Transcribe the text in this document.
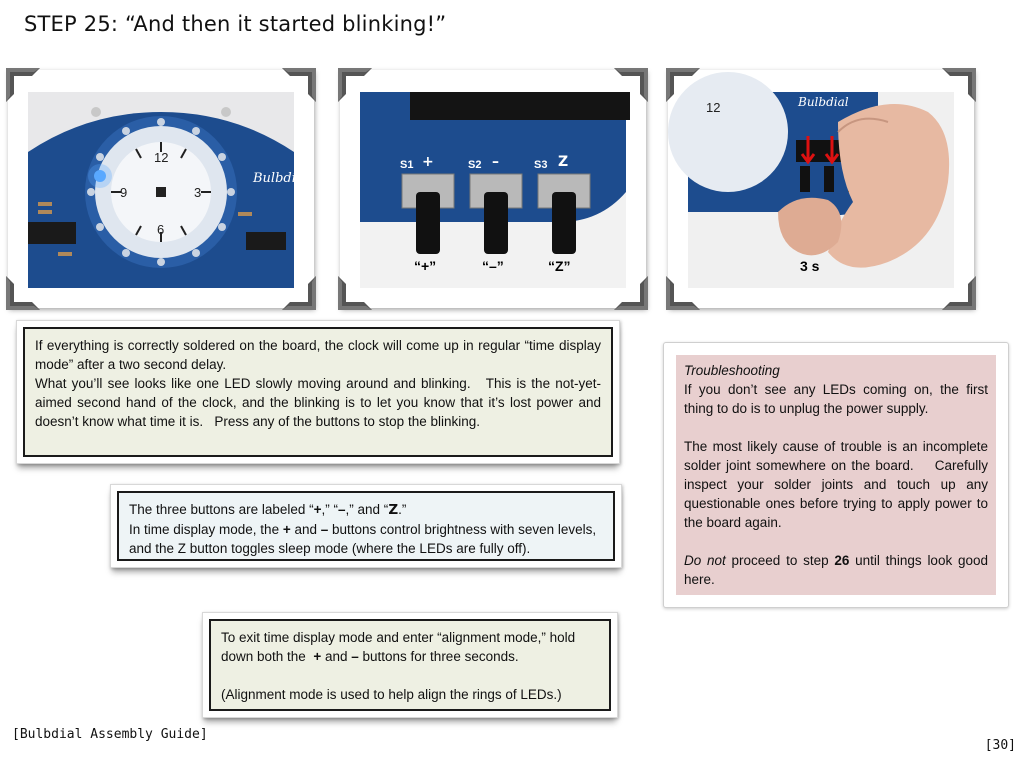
STEP 25: “And then it started blinking!”
12
3
6
9
Bulbdial
S1	S2	S3
+	–	Z
“+”	“–”	“Z”
12	Bulbdial
3 s

If everything is correctly soldered on the board, the clock will come up in regular “time display mode” after a two second delay.

What you’ll see looks like one LED slowly moving around and blinking.   This is the not-yet-aimed second hand of the clock, and the blinking is to let you know that it’s lost power and doesn’t know what time it is.   Press any of the buttons to stop the blinking.

The three buttons are labeled “+,” “–,” and “Z.”

In time display mode, the + and – buttons control brightness with seven levels, and the Z button toggles sleep mode (where the LEDs are fully off).

To exit time display mode and enter “alignment mode,” hold down both the  + and – buttons for three seconds.

(Alignment mode is used to help align the rings of LEDs.)

Troubleshooting

If you don’t see any LEDs coming on, the first thing to do is to unplug the power supply.

The most likely cause of trouble is an incomplete solder joint somewhere on the board.    Carefully inspect your solder joints and touch up any questionable ones before trying to apply power to the board again.

Do not proceed to step 26 until things look good here.

[Bulbdial Assembly Guide]
[30]
